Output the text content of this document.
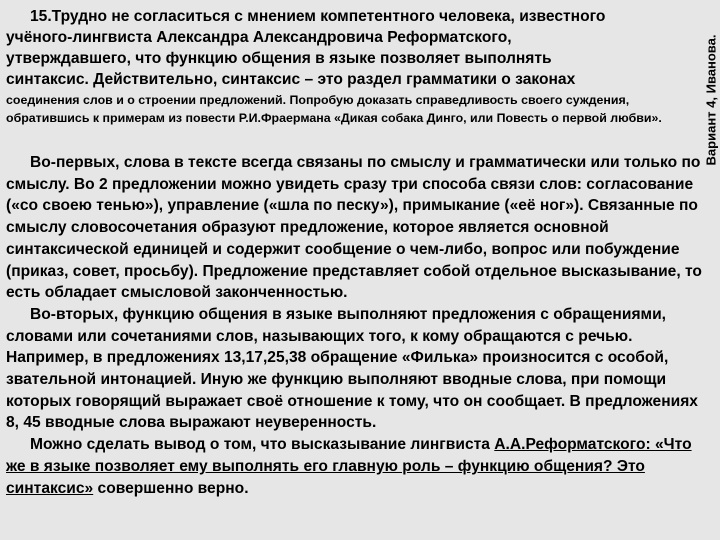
15.Трудно не согласиться с мнением компетентного человека, известного

учёного-лингвиста Александра Александровича Реформатского,

утверждавшего, что функцию общения в языке позволяет выполнять

синтаксис. Действительно, синтаксис – это раздел грамматики о законах

соединения слов и о строении предложений. Попробую доказать справедливость своего суждения, обратившись к примерам из повести Р.И.Фраермана «Дикая собака Динго, или Повесть о первой любви».

Во-первых, слова в тексте всегда связаны по смыслу и грамматически или только по смыслу. Во 2 предложении можно увидеть сразу три способа связи слов: согласование («со своею тенью»), управление («шла по песку»), примыкание («её ног»). Связанные по смыслу словосочетания образуют предложение, которое является основной синтаксической единицей и содержит сообщение о чем-либо, вопрос или побуждение (приказ, совет, просьбу). Предложение представляет собой отдельное высказывание, то есть обладает смысловой законченностью.

Во-вторых, функцию общения в языке выполняют предложения с обращениями, словами или сочетаниями слов, называющих того, к кому обращаются с речью. Например, в предложениях 13,17,25,38 обращение «Филька» произносится с особой, звательной интонацией. Иную же функцию выполняют вводные слова, при помощи которых говорящий выражает своё отношение к тому, что он сообщает. В предложениях 8, 45 вводные слова выражают неуверенность.

Можно сделать вывод о том, что высказывание лингвиста А.А.Реформатского: «Что же в языке позволяет ему выполнять его главную роль – функцию общения? Это синтаксис» совершенно верно.

Вариант 4, Иванова.
